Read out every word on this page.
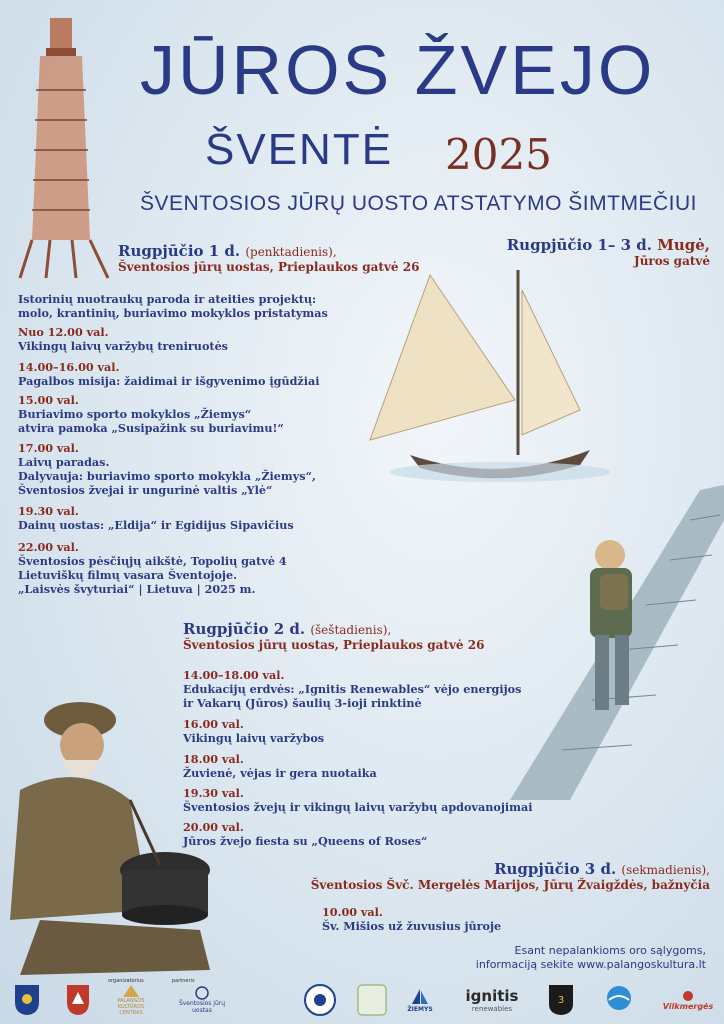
JŪROS ŽVEJO
ŠVENTĖ 2025
ŠVENTOSIOS JŪRŲ UOSTO ATSTATYMO ŠIMTMEČIUI
Rugpjūčio 1– 3 d. Mugė,
Jūros gatvė
Rugpjūčio 1 d. (penktadienis),
Šventosios jūrų uostas, Prieplaukos gatvė 26
Istorinių nuotraukų paroda ir ateities projektų:
molo, krantinių, buriavimo mokyklos pristatymas
Nuo 12.00 val.
Vikingų laivų varžybų treniruotės
14.00–16.00 val.
Pagalbos misija: žaidimai ir išgyvenimo įgūdžiai
15.00 val.
Buriavimo sporto mokyklos „Žiemys“
atvira pamoka „Susipažink su buriavimu!“
17.00 val.
Laivų paradas.
Dalyvauja: buriavimo sporto mokykla „Žiemys“,
Šventosios žvejai ir ungurinė valtis „Ylė“
19.30 val.
Dainų uostas: „Eldija“ ir Egidijus Sipavičius
22.00 val.
Šventosios pėsčiųjų aikštė, Topolių gatvė 4
Lietuviškų filmų vasara Šventojoje.
„Laisvės švyturiai“ | Lietuva | 2025 m.
Rugpjūčio 2 d. (šeštadienis),
Šventosios jūrų uostas, Prieplaukos gatvė 26
14.00–18.00 val.
Edukacijų erdvės: „Ignitis Renewables“ vėjo energijos
ir Vakarų (Jūros) šaulių 3-ioji rinktinė
16.00 val.
Vikingų laivų varžybos
18.00 val.
Žuvienė, vėjas ir gera nuotaika
19.30 val.
Šventosios žvejų ir vikingų laivų varžybų apdovanojimai
20.00 val.
Jūros žvejo fiesta su „Queens of Roses“
Rugpjūčio 3 d. (sekmadienis),
Šventosios Švč. Mergelės Marijos, Jūrų Žvaigždės, bažnyčia
10.00 val.
Šv. Mišios už žuvusius jūroje
Esant nepalankioms oro sąlygoms,
informaciją sekite www.palangoskultura.lt
organizatorius
PALANGOS KULTŪROS CENTRAS
partneris
Šventosios jūrų uostas	ŽIEMYS
ignitis
renewables
3	Vilkmergės
